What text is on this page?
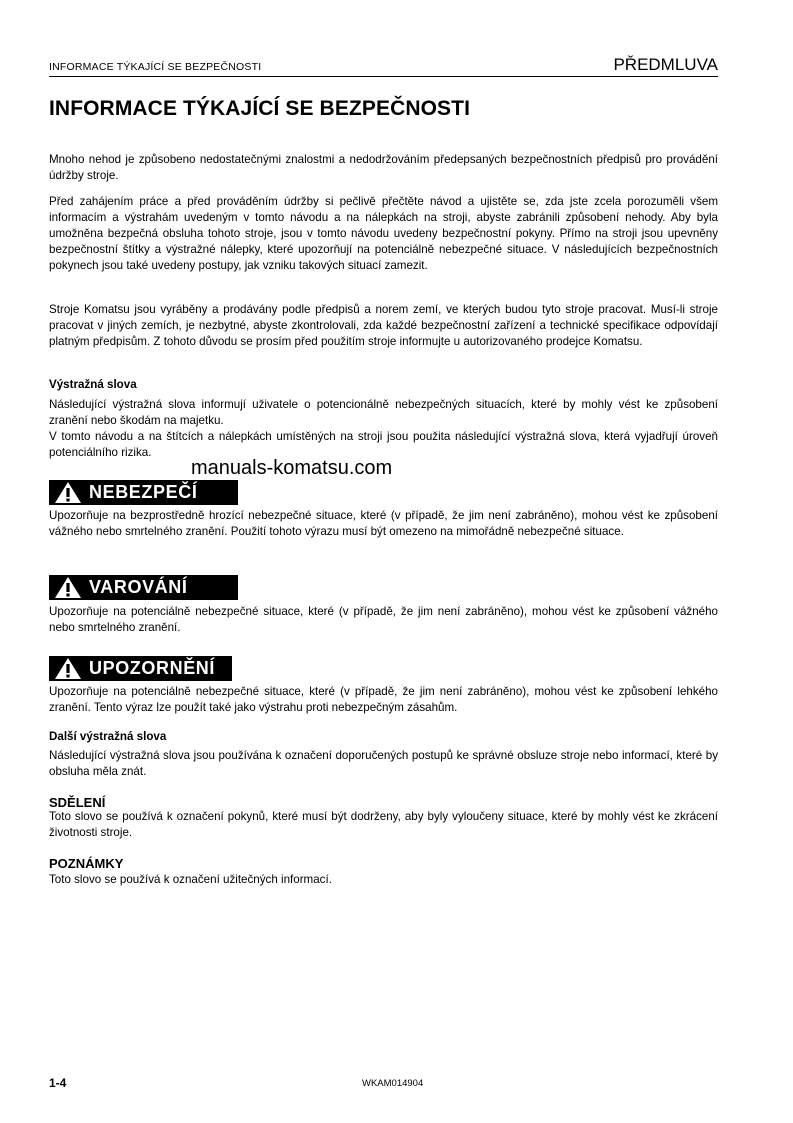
INFORMACE TÝKAJÍCÍ SE BEZPEČNOSTI	PŘEDMLUVA
INFORMACE TÝKAJÍCÍ SE BEZPEČNOSTI

Mnoho nehod je způsobeno nedostatečnými znalostmi a nedodržováním předepsaných bezpečnostních předpisů pro provádění údržby stroje.

Před zahájením práce a před prováděním údržby si pečlivě přečtěte návod a ujistěte se, zda jste zcela porozuměli všem informacím a výstrahám uvedeným v tomto návodu a na nálepkách na stroji, abyste zabránili způsobení nehody. Aby byla umožněna bezpečná obsluha tohoto stroje, jsou v tomto návodu uvedeny bezpečnostní pokyny. Přímo na stroji jsou upevněny bezpečnostní štítky a výstražné nálepky, které upozorňují na potenciálně nebezpečné situace. V následujících bezpečnostních pokynech jsou také uvedeny postupy, jak vzniku takových situací zamezit.

Stroje Komatsu jsou vyráběny a prodávány podle předpisů a norem zemí, ve kterých budou tyto stroje pracovat. Musí-li stroje pracovat v jiných zemích, je nezbytné, abyste zkontrolovali, zda každé bezpečnostní zařízení a technické specifikace odpovídají platným předpisům. Z tohoto důvodu se prosím před použitím stroje informujte u autorizovaného prodejce Komatsu.

Výstražná slova

Následující výstražná slova informují uživatele o potencionálně nebezpečných situacích, které by mohly vést ke způsobení zranění nebo škodám na majetku.

V tomto návodu a na štítcích a nálepkách umístěných na stroji jsou použita následující výstražná slova, která vyjadřují úroveň potenciálního rizika.

manuals-komatsu.com
NEBEZPEČÍ

Upozorňuje na bezprostředně hrozící nebezpečné situace, které (v případě, že jim není zabráněno), mohou vést ke způsobení vážného nebo smrtelného zranění. Použití tohoto výrazu musí být omezeno na mimořádně nebezpečné situace.

VAROVÁNÍ

Upozorňuje na potenciálně nebezpečné situace, které (v případě, že jim není zabráněno), mohou vést ke způsobení vážného nebo smrtelného zranění.

UPOZORNĚNÍ

Upozorňuje na potenciálně nebezpečné situace, které (v případě, že jim není zabráněno), mohou vést ke způsobení lehkého zranění. Tento výraz lze použít také jako výstrahu proti nebezpečným zásahům.

Další výstražná slova

Následující výstražná slova jsou používána k označení doporučených postupů ke správné obsluze stroje nebo informací, které by obsluha měla znát.

SDĚLENÍ

Toto slovo se používá k označení pokynů, které musí být dodrženy, aby byly vyloučeny situace, které by mohly vést ke zkrácení životnosti stroje.

POZNÁMKY

Toto slovo se používá k označení užitečných informací.

1-4	WKAM014904
